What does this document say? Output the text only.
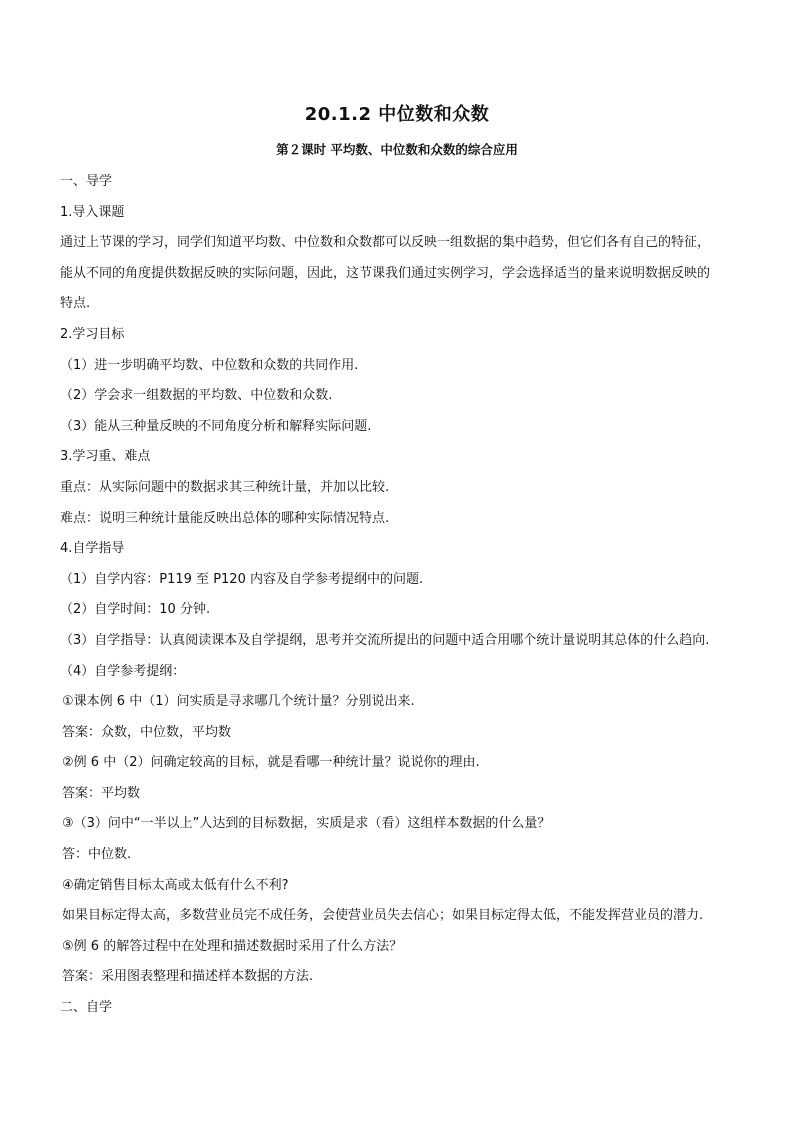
20.1.2 中位数和众数
第２课时 平均数、中位数和众数的综合应用
一、导学
1.导入课题
通过上节课的学习，同学们知道平均数、中位数和众数都可以反映一组数据的集中趋势，但它们各有自己的特征，
能从不同的角度提供数据反映的实际问题，因此，这节课我们通过实例学习，学会选择适当的量来说明数据反映的
特点.
2.学习目标
（1）进一步明确平均数、中位数和众数的共同作用.
（2）学会求一组数据的平均数、中位数和众数.
（3）能从三种量反映的不同角度分析和解释实际问题.
3.学习重、难点
重点：从实际问题中的数据求其三种统计量，并加以比较.
难点：说明三种统计量能反映出总体的哪种实际情况特点.
4.自学指导
（1）自学内容：P119 至 P120 内容及自学参考提纲中的问题.
（2）自学时间：10 分钟.
（3）自学指导：认真阅读课本及自学提纲，思考并交流所提出的问题中适合用哪个统计量说明其总体的什么趋向.
（4）自学参考提纲：
①课本例 6 中（1）问实质是寻求哪几个统计量？分别说出来.
答案：众数，中位数，平均数
②例 6 中（2）问确定较高的目标，就是看哪一种统计量？说说你的理由.
答案：平均数
③（3）问中“一半以上”人达到的目标数据，实质是求（看）这组样本数据的什么量？
答：中位数.
④确定销售目标太高或太低有什么不利?
如果目标定得太高，多数营业员完不成任务，会使营业员失去信心；如果目标定得太低，不能发挥营业员的潜力.
⑤例 6 的解答过程中在处理和描述数据时采用了什么方法？
答案：采用图表整理和描述样本数据的方法.
二、自学
